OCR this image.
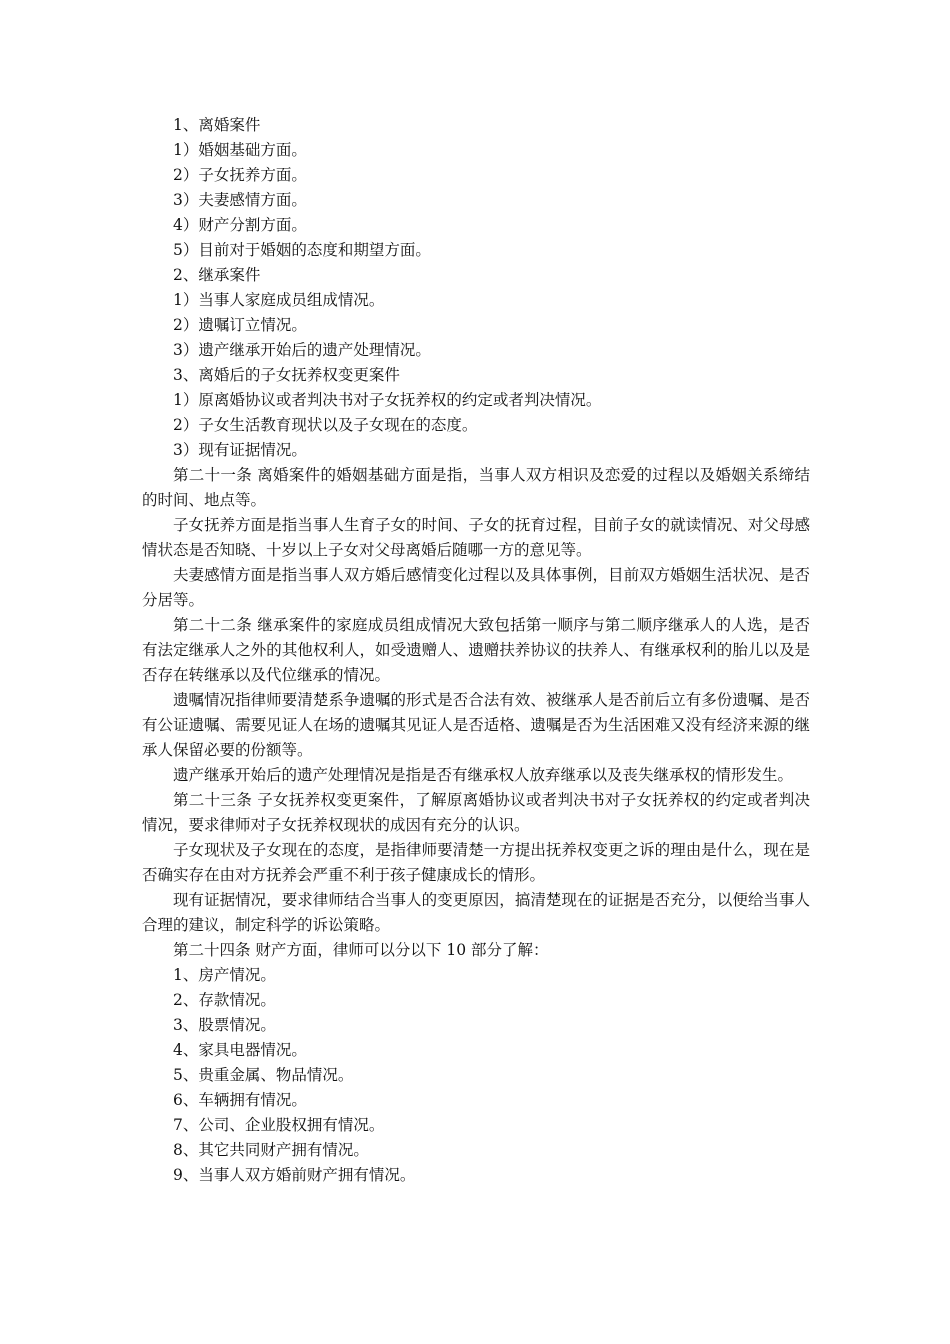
1、离婚案件

1）婚姻基础方面。

2）子女抚养方面。

3）夫妻感情方面。

4）财产分割方面。

5）目前对于婚姻的态度和期望方面。

2、继承案件

1）当事人家庭成员组成情况。

2）遗嘱订立情况。

3）遗产继承开始后的遗产处理情况。

3、离婚后的子女抚养权变更案件

1）原离婚协议或者判决书对子女抚养权的约定或者判决情况。

2）子女生活教育现状以及子女现在的态度。

3）现有证据情况。

第二十一条 离婚案件的婚姻基础方面是指，当事人双方相识及恋爱的过程以及婚姻关系缔结的时间、地点等。

子女抚养方面是指当事人生育子女的时间、子女的抚育过程，目前子女的就读情况、对父母感情状态是否知晓、十岁以上子女对父母离婚后随哪一方的意见等。

夫妻感情方面是指当事人双方婚后感情变化过程以及具体事例，目前双方婚姻生活状况、是否分居等。

第二十二条 继承案件的家庭成员组成情况大致包括第一顺序与第二顺序继承人的人选，是否有法定继承人之外的其他权利人，如受遗赠人、遗赠扶养协议的扶养人、有继承权利的胎儿以及是否存在转继承以及代位继承的情况。

遗嘱情况指律师要清楚系争遗嘱的形式是否合法有效、被继承人是否前后立有多份遗嘱、是否有公证遗嘱、需要见证人在场的遗嘱其见证人是否适格、遗嘱是否为生活困难又没有经济来源的继承人保留必要的份额等。

遗产继承开始后的遗产处理情况是指是否有继承权人放弃继承以及丧失继承权的情形发生。

第二十三条 子女抚养权变更案件，了解原离婚协议或者判决书对子女抚养权的约定或者判决情况，要求律师对子女抚养权现状的成因有充分的认识。

子女现状及子女现在的态度，是指律师要清楚一方提出抚养权变更之诉的理由是什么，现在是否确实存在由对方抚养会严重不利于孩子健康成长的情形。

现有证据情况，要求律师结合当事人的变更原因，搞清楚现在的证据是否充分，以便给当事人合理的建议，制定科学的诉讼策略。

第二十四条 财产方面，律师可以分以下 10 部分了解：

1、房产情况。

2、存款情况。

3、股票情况。

4、家具电器情况。

5、贵重金属、物品情况。

6、车辆拥有情况。

7、公司、企业股权拥有情况。

8、其它共同财产拥有情况。

9、当事人双方婚前财产拥有情况。
